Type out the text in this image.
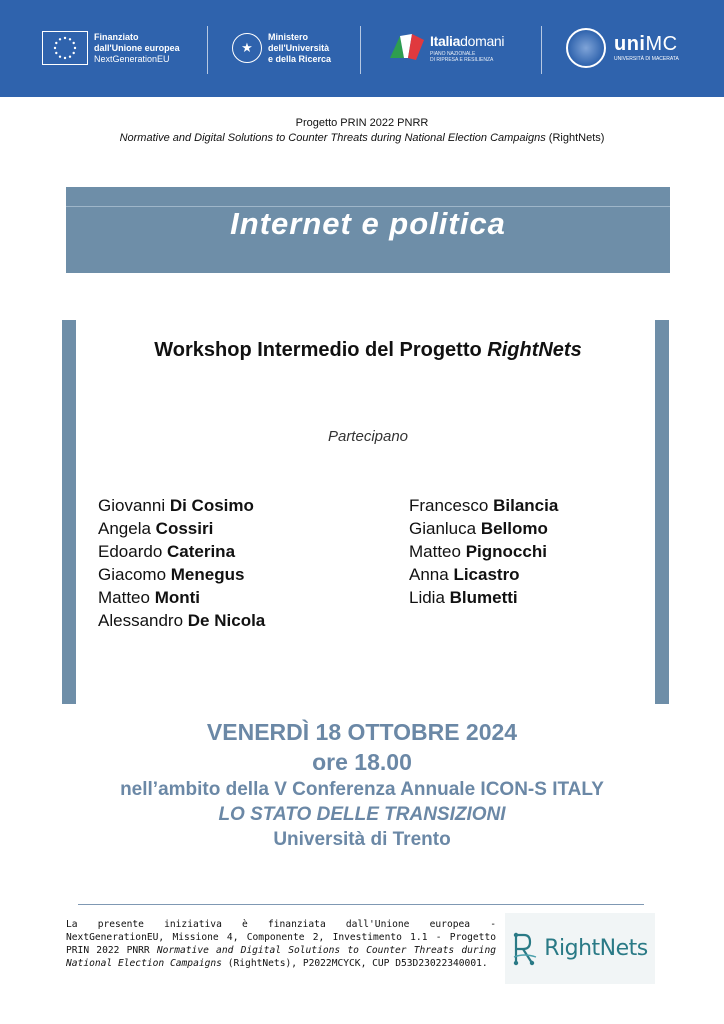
Finanziato
dall'Unione europea
NextGenerationEU
★
Ministero
dell'Università
e della Ricerca
Italiadomani
PIANO NAZIONALE
DI RIPRESA E RESILIENZA
uniMC
UNIVERSITÀ DI MACERATA
Progetto PRIN 2022 PNRR
Normative and Digital Solutions to Counter Threats during National Election Campaigns (RightNets)
Internet e politica
Workshop Intermedio del Progetto RightNets
Partecipano
Giovanni Di Cosimo
Angela Cossiri
Edoardo Caterina
Giacomo Menegus
Matteo Monti
Alessandro De Nicola
Francesco Bilancia
Gianluca Bellomo
Matteo Pignocchi
Anna Licastro
Lidia Blumetti
VENERDÌ 18 OTTOBRE 2024
ore 18.00
nell’ambito della V Conferenza Annuale ICON-S ITALY
LO STATO DELLE TRANSIZIONI
Università di Trento
La presente iniziativa è finanziata dall'Unione europea - NextGenerationEU, Missione 4, Componente 2, Investimento 1.1 - Progetto PRIN 2022 PNRR Normative and Digital Solutions to Counter Threats during National Election Campaigns (RightNets), P2022MCYCK, CUP D53D23022340001.
RightNets
